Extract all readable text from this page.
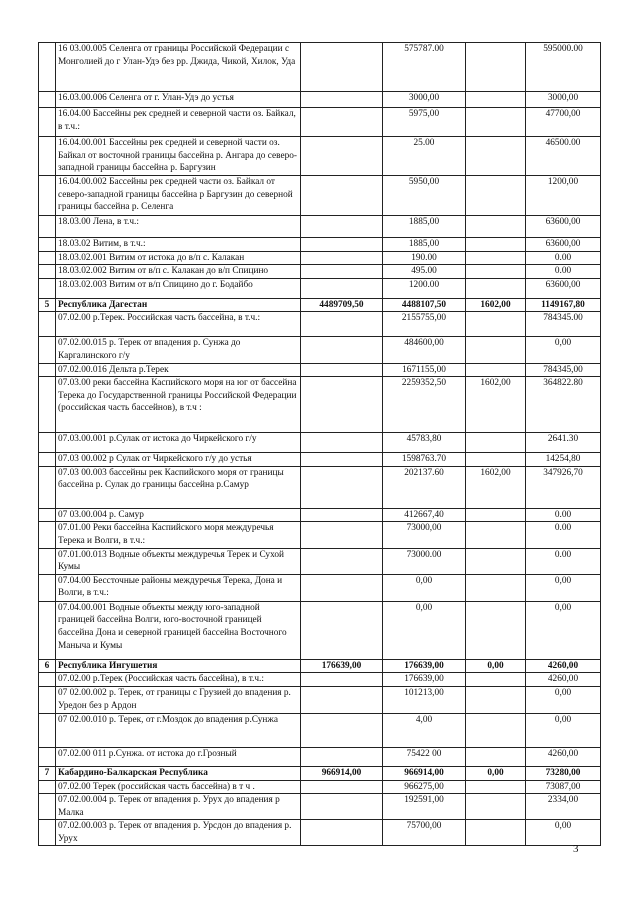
	16 03.00.005 Селенга от границы Российской Федерации с Монголией до г Улан-Удэ без рр. Джида, Чикой, Хилок, Уда		575787.00		595000.00
	16.03.00.006 Селенга от г. Улан-Удэ до устья		3000,00		3000,00
	16.04.00 Бассейны рек средней и северной части оз. Байкал, в т.ч.:		5975,00		47700,00
	16.04.00.001 Бассейны рек средней и северной части оз. Байкал от восточной границы бассейна р. Ангара до северо-западной границы бассейна р. Баргузин		25.00		46500.00
	16.04.00.002 Бассейны рек средней части оз. Байкал от северо-западной границы бассейна р Баргузин до северной границы бассейна р. Селенга		5950,00		1200,00
	18.03.00 Лена, в т.ч.:		1885,00		63600,00
	18.03.02 Витим, в т.ч.:		1885,00		63600,00
	18.03.02.001 Витим от истока до в/п с. Калакан		190.00		0.00
	18.03.02.002 Витим от в/п с. Калакан до в/п Спицино		495.00		0.00
	18.03.02.003 Витим от в/п Спицино до г. Бодайбо		1200.00		63600,00
5	Республика Дагестан	4489709,50	4488107,50	1602,00	1149167,80
	07.02.00 р.Терек. Российская часть бассейна, в т.ч.:		2155755,00		784345.00
	07.02.00.015 р. Терек от впадения р. Сунжа до Каргалинского г/у		484600,00		0,00
	07.02.00.016 Дельта р.Терек		1671155,00		784345,00
	07.03.00 реки бассейна Каспийского моря на юг от бассейна Терека до Государственной границы Российской Федерации (российская часть бассейнов), в т.ч :		2259352,50	1602,00	364822.80
	07.03.00.001 р.Сулак от истока до Чиркейского г/у		45783,80		2641.30
	07.03 00.002 р Сулак от Чиркейского г/у до устья		1598763.70		14254,80
	07.03 00.003 бассейны рек Каспийского моря от границы бассейна р. Сулак до границы бассейна р.Самур		202137.60	1602,00	347926,70
	07 03.00.004 р. Самур		412667,40		0.00
	07.01.00 Реки бассейна Каспийского моря междуречья Терека и Волги, в т.ч.:		73000,00		0.00
	07.01.00.013 Водные объекты междуречья Терек и Сухой Кумы		73000.00		0.00
	07.04.00 Бессточные районы междуречья Терека, Дона и Волги, в т.ч.:		0,00		0,00
	07.04.00.001 Водные объекты между юго-западной границей бассейна Волги, юго-восточной границей бассейна Дона и северной границей бассейна Восточного Маныча и Кумы		0,00		0,00
6	Республика Ингушетия	176639,00	176639,00	0,00	4260,00
	07.02.00 р.Терек (Российская часть бассейна), в т.ч.:		176639,00		4260,00
	07 02.00.002 р. Терек, от границы с Грузией до впадения р. Уредон без р Ардон		101213,00		0,00
	07 02.00.010 р. Терек, от г.Моздок до впадения р.Сунжа		4,00		0,00
	07.02.00 011 р.Сунжа. от истока до г.Грозный		75422 00		4260,00
7	Кабардино-Балкарская Республика	966914,00	966914,00	0,00	73280,00
	07.02.00 Терек (российская часть бассейна) в т ч .		966275,00		73087,00
	07.02.00.004 р. Терек от впадения р. Урух до впадения р Малка		192591,00		2334,00
	07.02.00.003 р. Терек от впадения р. Урсдон до впадения р. Урух		75700,00		0,00
3
